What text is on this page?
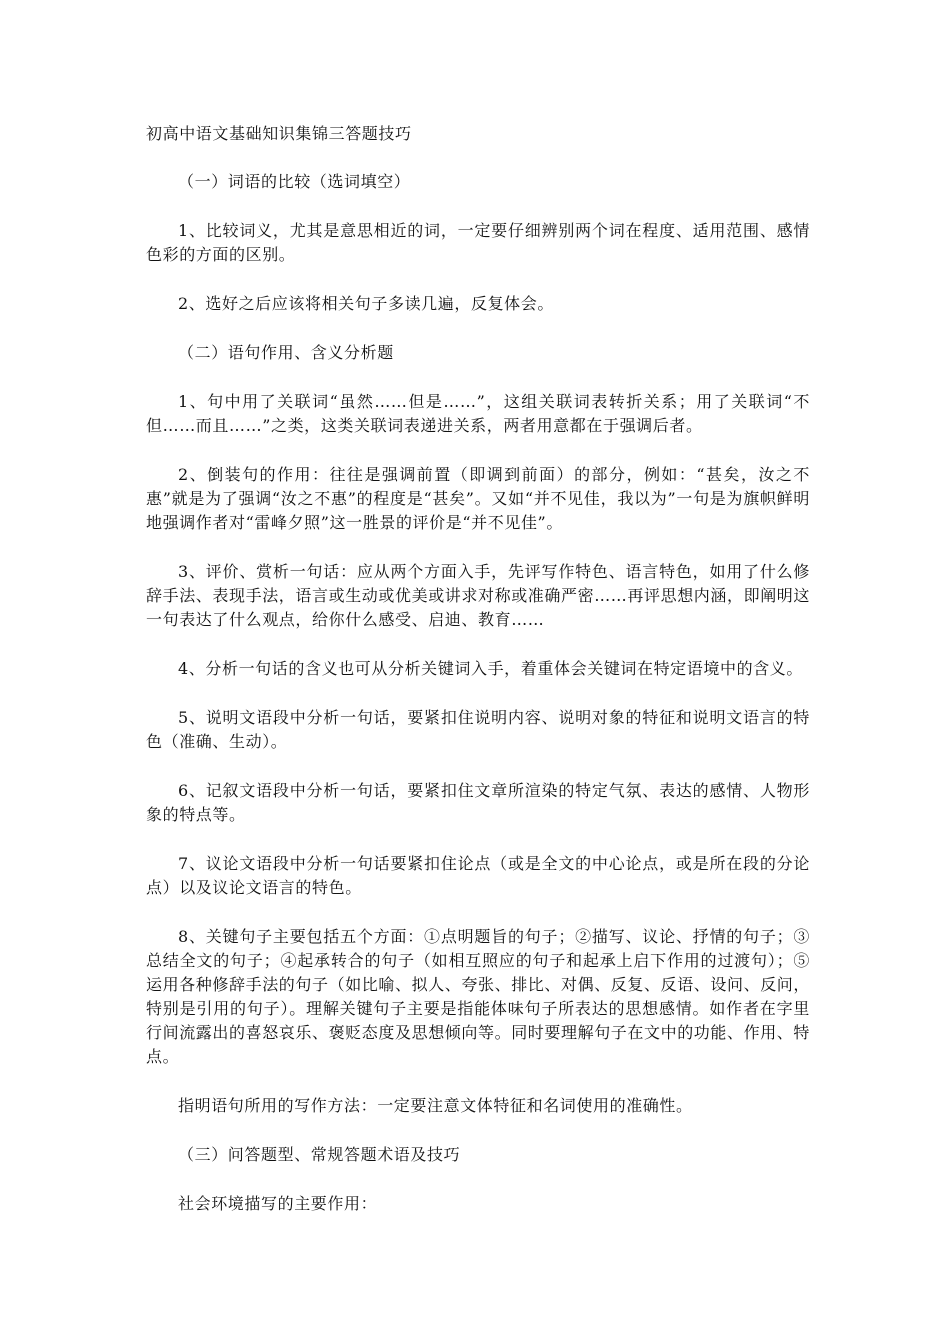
初高中语文基础知识集锦三答题技巧

（一）词语的比较（选词填空）

1、比较词义，尤其是意思相近的词，一定要仔细辨别两个词在程度、适用范围、感情色彩的方面的区别。

2、选好之后应该将相关句子多读几遍，反复体会。

（二）语句作用、含义分析题

1、句中用了关联词“虽然……但是……”，这组关联词表转折关系；用了关联词“不但……而且……”之类，这类关联词表递进关系，两者用意都在于强调后者。

2、倒装句的作用：往往是强调前置（即调到前面）的部分，例如：“甚矣，汝之不惠”就是为了强调“汝之不惠”的程度是“甚矣”。又如“并不见佳，我以为”一句是为旗帜鲜明地强调作者对“雷峰夕照”这一胜景的评价是“并不见佳”。

3、评价、赏析一句话：应从两个方面入手，先评写作特色、语言特色，如用了什么修辞手法、表现手法，语言或生动或优美或讲求对称或准确严密……再评思想内涵，即阐明这一句表达了什么观点，给你什么感受、启迪、教育……

4、分析一句话的含义也可从分析关键词入手，着重体会关键词在特定语境中的含义。

5、说明文语段中分析一句话，要紧扣住说明内容、说明对象的特征和说明文语言的特色（准确、生动）。

6、记叙文语段中分析一句话，要紧扣住文章所渲染的特定气氛、表达的感情、人物形象的特点等。

7、议论文语段中分析一句话要紧扣住论点（或是全文的中心论点，或是所在段的分论点）以及议论文语言的特色。

8、关键句子主要包括五个方面：①点明题旨的句子；②描写、议论、抒情的句子；③总结全文的句子；④起承转合的句子（如相互照应的句子和起承上启下作用的过渡句）；⑤运用各种修辞手法的句子（如比喻、拟人、夸张、排比、对偶、反复、反语、设问、反问，特别是引用的句子）。理解关键句子主要是指能体味句子所表达的思想感情。如作者在字里行间流露出的喜怒哀乐、褒贬态度及思想倾向等。同时要理解句子在文中的功能、作用、特点。

指明语句所用的写作方法：一定要注意文体特征和名词使用的准确性。

（三）问答题型、常规答题术语及技巧

社会环境描写的主要作用：
